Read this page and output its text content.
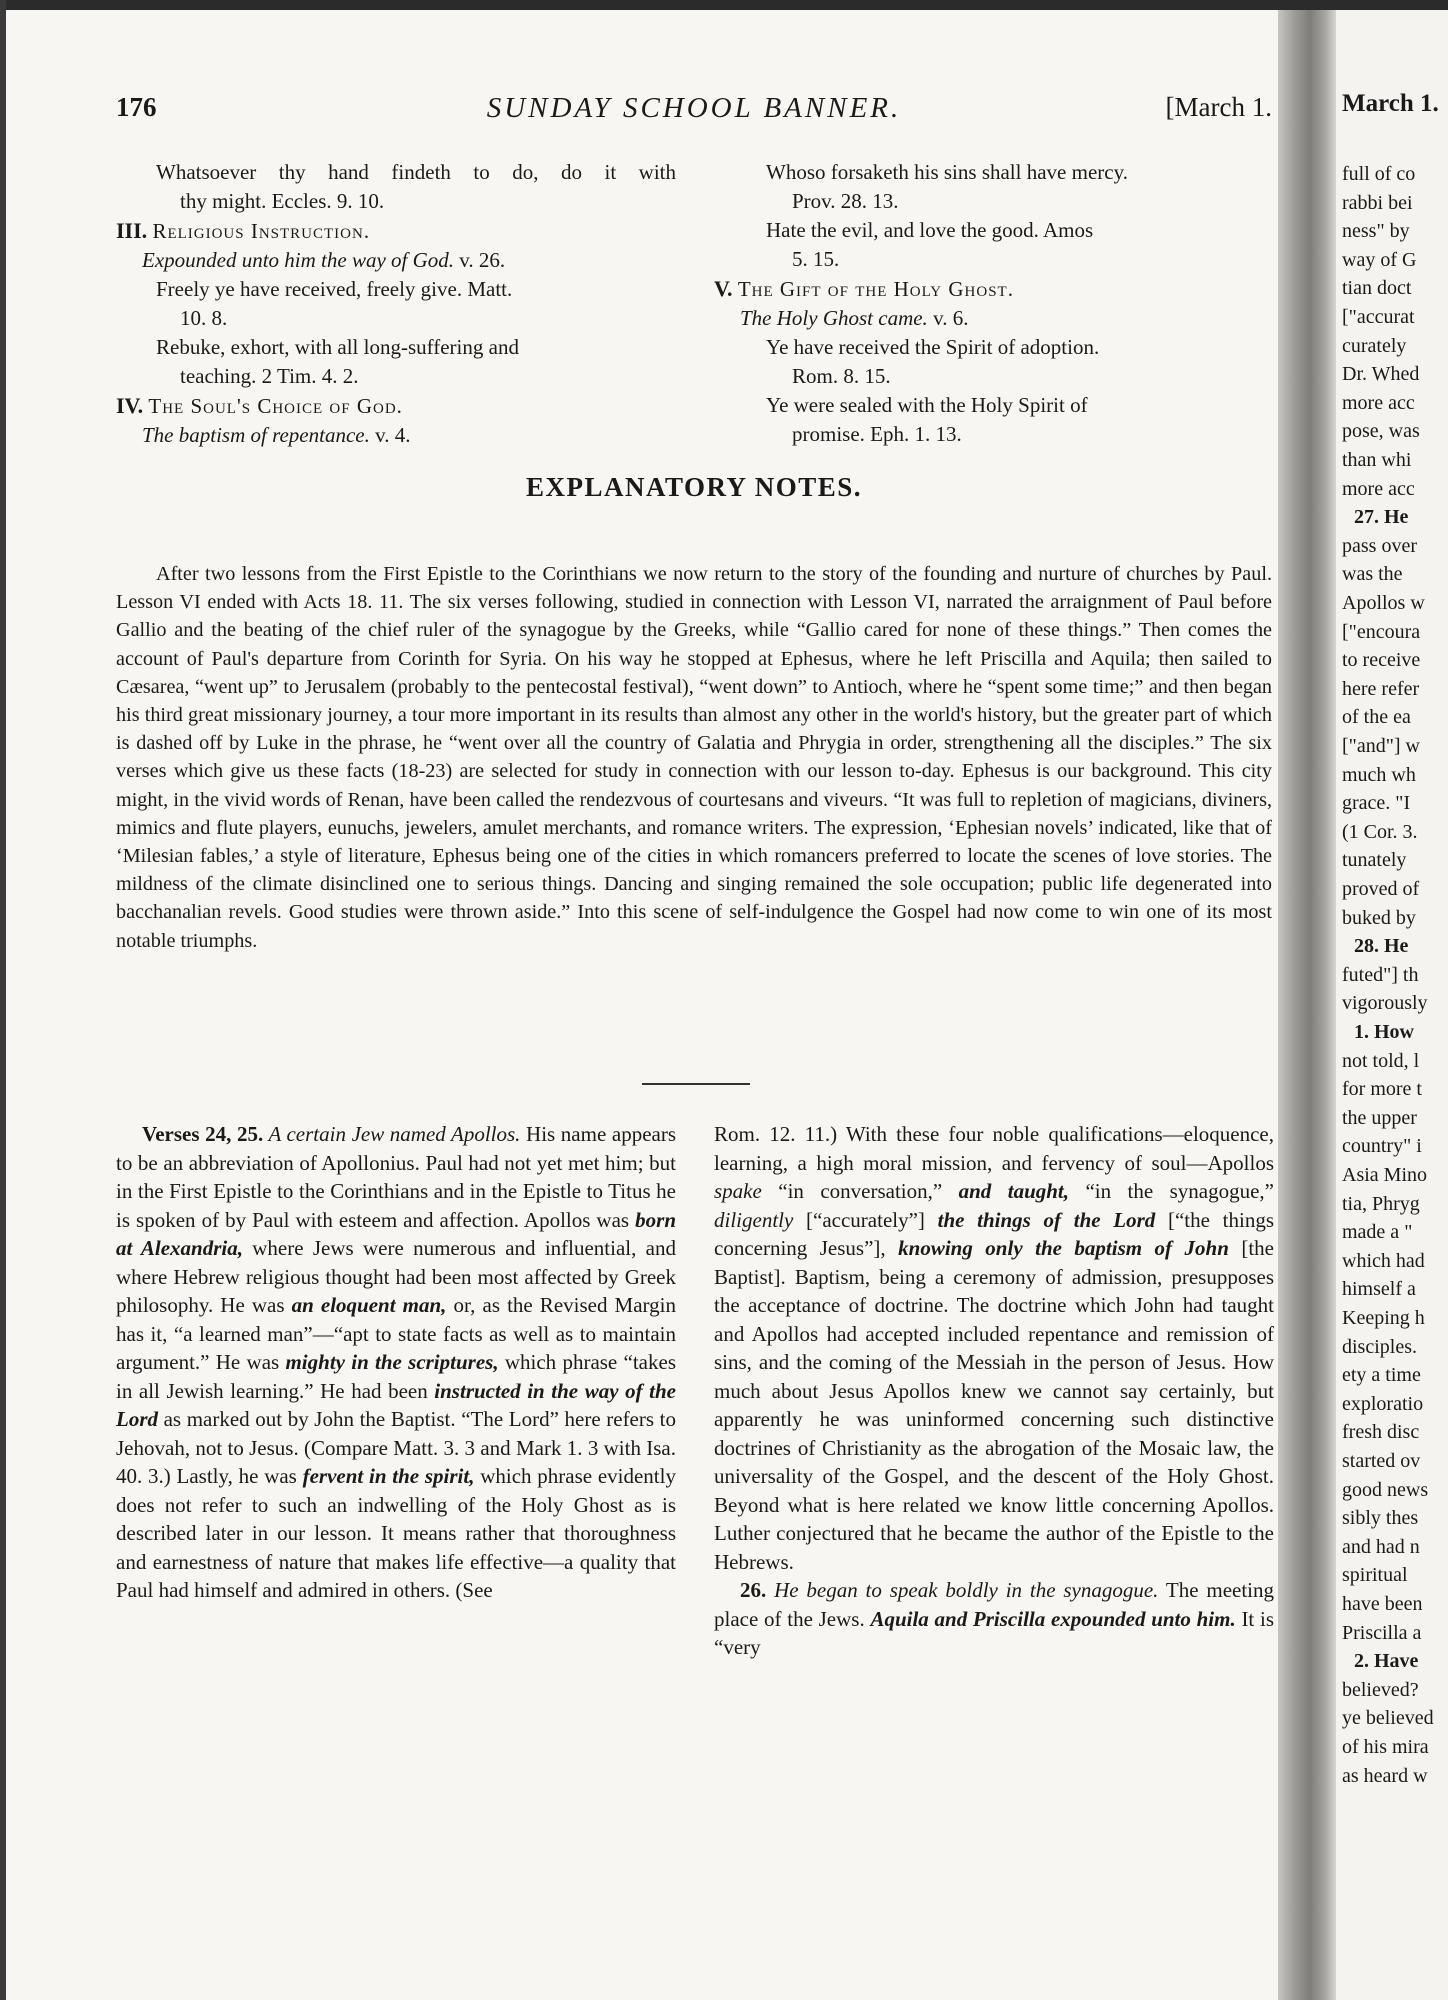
176	SUNDAY SCHOOL BANNER.	[March 1.
Whatsoever thy hand findeth to do, do it with
thy might. Eccles. 9. 10.
III. Religious Instruction.
Expounded unto him the way of God. v. 26.
Freely ye have received, freely give. Matt.
10. 8.
Rebuke, exhort, with all long-suffering and
teaching. 2 Tim. 4. 2.
IV. The Soul's Choice of God.
The baptism of repentance. v. 4.
Whoso forsaketh his sins shall have mercy.
Prov. 28. 13.
Hate the evil, and love the good. Amos
5. 15.
V. The Gift of the Holy Ghost.
The Holy Ghost came. v. 6.
Ye have received the Spirit of adoption.
Rom. 8. 15.
Ye were sealed with the Holy Spirit of
promise. Eph. 1. 13.
EXPLANATORY NOTES.
After two lessons from the First Epistle to the Corinthians we now return to the story of the founding and nurture of churches by Paul. Lesson VI ended with Acts 18. 11. The six verses following, studied in connection with Lesson VI, narrated the arraignment of Paul before Gallio and the beating of the chief ruler of the synagogue by the Greeks, while “Gallio cared for none of these things.” Then comes the account of Paul's departure from Corinth for Syria. On his way he stopped at Ephesus, where he left Priscilla and Aquila; then sailed to Cæsarea, “went up” to Jerusalem (probably to the pentecostal festival), “went down” to Antioch, where he “spent some time;” and then began his third great missionary journey, a tour more important in its results than almost any other in the world's history, but the greater part of which is dashed off by Luke in the phrase, he “went over all the country of Galatia and Phrygia in order, strengthening all the disciples.” The six verses which give us these facts (18-23) are selected for study in connection with our lesson to-day. Ephesus is our background. This city might, in the vivid words of Renan, have been called the rendezvous of courtesans and viveurs. “It was full to repletion of magicians, diviners, mimics and flute players, eunuchs, jewelers, amulet merchants, and romance writers. The expression, ‘Ephesian novels’ indicated, like that of ‘Milesian fables,’ a style of literature, Ephesus being one of the cities in which romancers preferred to locate the scenes of love stories. The mildness of the climate disinclined one to serious things. Dancing and singing remained the sole occupation; public life degenerated into bacchanalian revels. Good studies were thrown aside.” Into this scene of self-indulgence the Gospel had now come to win one of its most notable triumphs.

Verses 24, 25. A certain Jew named Apollos. His name appears to be an abbreviation of Apollonius. Paul had not yet met him; but in the First Epistle to the Corinthians and in the Epistle to Titus he is spoken of by Paul with esteem and affection. Apollos was born at Alexandria, where Jews were numerous and influential, and where Hebrew religious thought had been most affected by Greek philosophy. He was an eloquent man, or, as the Revised Margin has it, “a learned man”—“apt to state facts as well as to maintain argument.” He was mighty in the scriptures, which phrase “takes in all Jewish learning.” He had been instructed in the way of the Lord as marked out by John the Baptist. “The Lord” here refers to Jehovah, not to Jesus. (Compare Matt. 3. 3 and Mark 1. 3 with Isa. 40. 3.) Lastly, he was fervent in the spirit, which phrase evidently does not refer to such an indwelling of the Holy Ghost as is described later in our lesson. It means rather that thoroughness and earnestness of nature that makes life effective—a quality that Paul had himself and admired in others. (See

Rom. 12. 11.) With these four noble qualifications—eloquence, learning, a high moral mission, and fervency of soul—Apollos spake “in conversation,” and taught, “in the synagogue,” diligently [“accurately”] the things of the Lord [“the things concerning Jesus”], knowing only the baptism of John [the Baptist]. Baptism, being a ceremony of admission, presupposes the acceptance of doctrine. The doctrine which John had taught and Apollos had accepted included repentance and remission of sins, and the coming of the Messiah in the person of Jesus. How much about Jesus Apollos knew we cannot say certainly, but apparently he was uninformed concerning such distinctive doctrines of Christianity as the abrogation of the Mosaic law, the universality of the Gospel, and the descent of the Holy Ghost. Beyond what is here related we know little concerning Apollos. Luther conjectured that he became the author of the Epistle to the Hebrews.

26. He began to speak boldly in the synagogue. The meeting place of the Jews. Aquila and Priscilla expounded unto him. It is “very

March 1.
full of co
rabbi bei
ness" by
way of G
tian doct
["accurat
curately
Dr. Whed
more acc
pose, was
than whi
more acc
27. He
pass over
was the
Apollos w
["encoura
to receive
here refer
of the ea
["and"] w
much wh
grace. "I
(1 Cor. 3.
tunately
proved of
buked by
28. He
futed"] th
vigorously
1. How
not told, l
for more t
the upper
country" i
Asia Mino
tia, Phryg
made a "
which had
himself a
Keeping h
disciples.
ety a time
exploratio
fresh disc
started ov
good news
sibly thes
and had n
spiritual
have been
Priscilla a
2. Have
believed?
ye believed
of his mira
as heard w
